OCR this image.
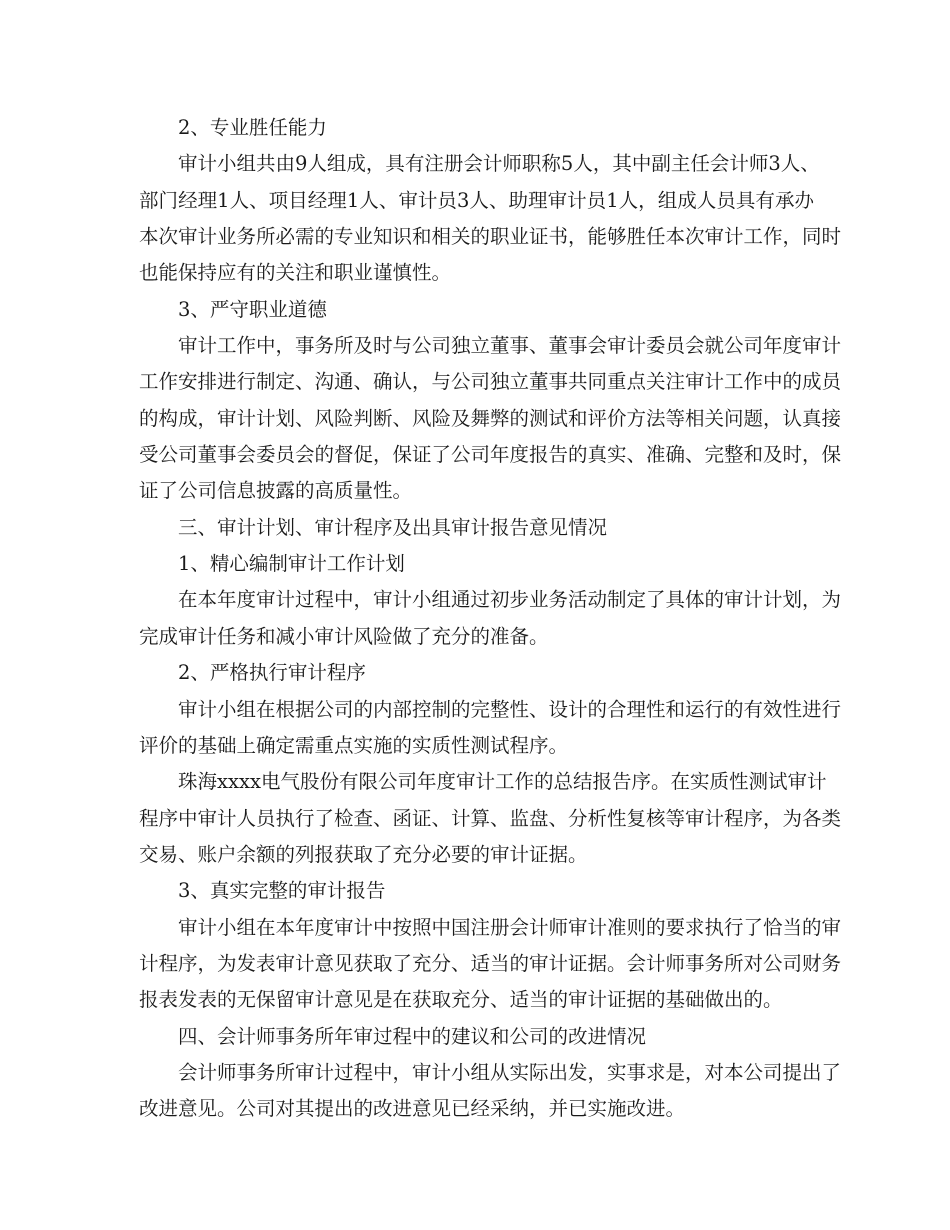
2、专业胜任能力
审计小组共由9人组成，具有注册会计师职称5人，其中副主任会计师3人、
部门经理1人、项目经理1人、审计员3人、助理审计员1人，组成人员具有承办
本次审计业务所必需的专业知识和相关的职业证书，能够胜任本次审计工作，同时
也能保持应有的关注和职业谨慎性。
3、严守职业道德
审计工作中，事务所及时与公司独立董事、董事会审计委员会就公司年度审计
工作安排进行制定、沟通、确认，与公司独立董事共同重点关注审计工作中的成员
的构成，审计计划、风险判断、风险及舞弊的测试和评价方法等相关问题，认真接
受公司董事会委员会的督促，保证了公司年度报告的真实、准确、完整和及时，保
证了公司信息披露的高质量性。
三、审计计划、审计程序及出具审计报告意见情况
1、精心编制审计工作计划
在本年度审计过程中，审计小组通过初步业务活动制定了具体的审计计划，为
完成审计任务和减小审计风险做了充分的准备。
2、严格执行审计程序
审计小组在根据公司的内部控制的完整性、设计的合理性和运行的有效性进行
评价的基础上确定需重点实施的实质性测试程序。
珠海xxxx电气股份有限公司年度审计工作的总结报告序。在实质性测试审计
程序中审计人员执行了检查、函证、计算、监盘、分析性复核等审计程序，为各类
交易、账户余额的列报获取了充分必要的审计证据。
3、真实完整的审计报告
审计小组在本年度审计中按照中国注册会计师审计准则的要求执行了恰当的审
计程序，为发表审计意见获取了充分、适当的审计证据。会计师事务所对公司财务
报表发表的无保留审计意见是在获取充分、适当的审计证据的基础做出的。
四、会计师事务所年审过程中的建议和公司的改进情况
会计师事务所审计过程中，审计小组从实际出发，实事求是，对本公司提出了
改进意见。公司对其提出的改进意见已经采纳，并已实施改进。
